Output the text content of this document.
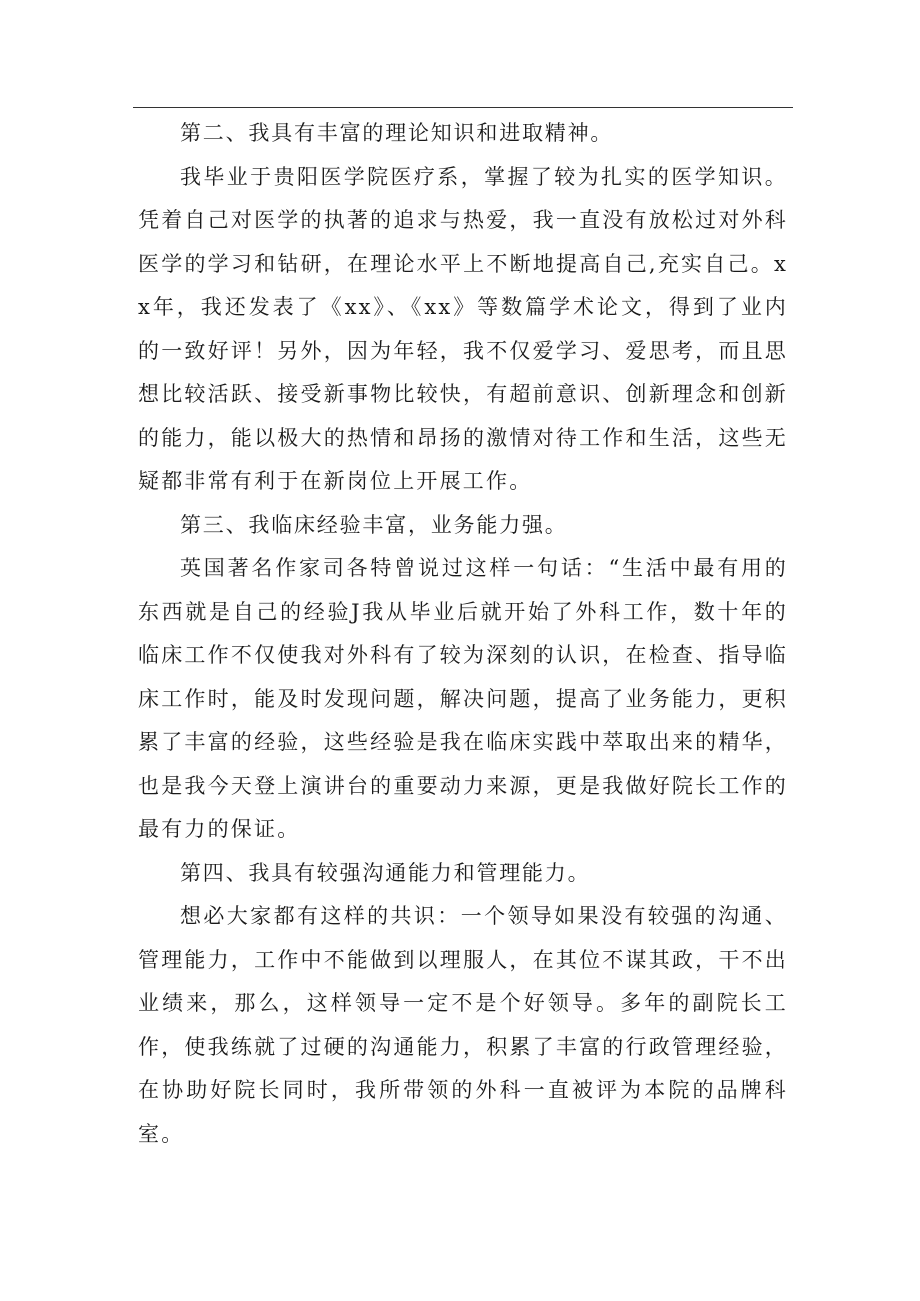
第二、我具有丰富的理论知识和进取精神。

我毕业于贵阳医学院医疗系，掌握了较为扎实的医学知识。凭着自己对医学的执著的追求与热爱，我一直没有放松过对外科医学的学习和钻研，在理论水平上不断地提高自己,充实自己。xx年，我还发表了《xx》、《xx》等数篇学术论文，得到了业内的一致好评！另外，因为年轻，我不仅爱学习、爱思考，而且思想比较活跃、接受新事物比较快，有超前意识、创新理念和创新的能力，能以极大的热情和昂扬的激情对待工作和生活，这些无疑都非常有利于在新岗位上开展工作。

第三、我临床经验丰富，业务能力强。

英国著名作家司各特曾说过这样一句话：“生活中最有用的东西就是自己的经验J我从毕业后就开始了外科工作，数十年的临床工作不仅使我对外科有了较为深刻的认识，在检查、指导临床工作时，能及时发现问题，解决问题，提高了业务能力，更积累了丰富的经验，这些经验是我在临床实践中萃取出来的精华，也是我今天登上演讲台的重要动力来源，更是我做好院长工作的最有力的保证。

第四、我具有较强沟通能力和管理能力。

想必大家都有这样的共识：一个领导如果没有较强的沟通、管理能力，工作中不能做到以理服人，在其位不谋其政，干不出业绩来，那么，这样领导一定不是个好领导。多年的副院长工作，使我练就了过硬的沟通能力，积累了丰富的行政管理经验，在协助好院长同时，我所带领的外科一直被评为本院的品牌科室。
